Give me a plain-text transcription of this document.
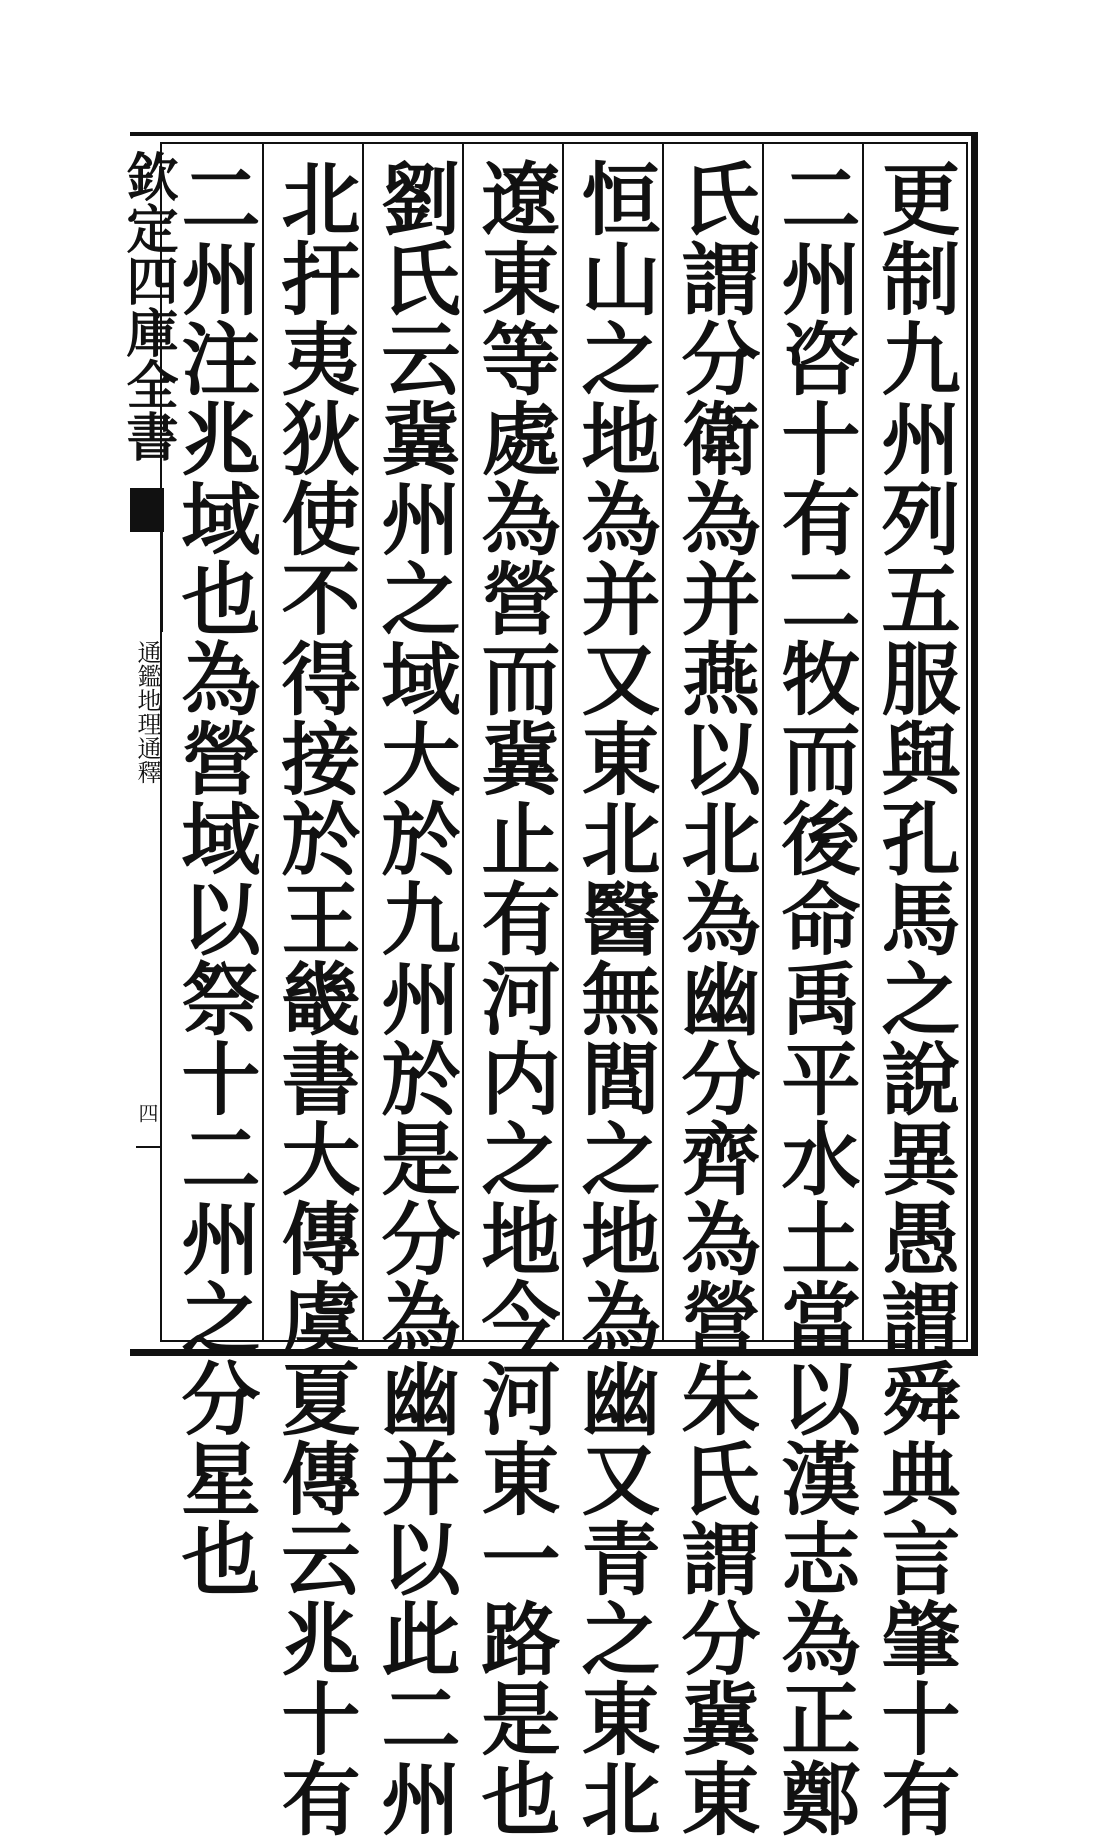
更制九州列五服與孔馬之說異愚謂舜典言肇十有
二州咨十有二牧而後命禹平水土當以漢志為正鄭
氏謂分衛為并燕以北為幽分齊為營朱氏謂分冀東
恒山之地為并又東北醫無閭之地為幽又青之東北
遼東等處為營而冀止有河内之地今河東一路是也
劉氏云冀州之域大於九州於是分為幽并以此二州
北扞夷狄使不得接於王畿書大傳虞夏傳云兆十有
二州注兆域也為營域以祭十二州之分星也
欽定四庫全書
通鑑地理通釋
四
